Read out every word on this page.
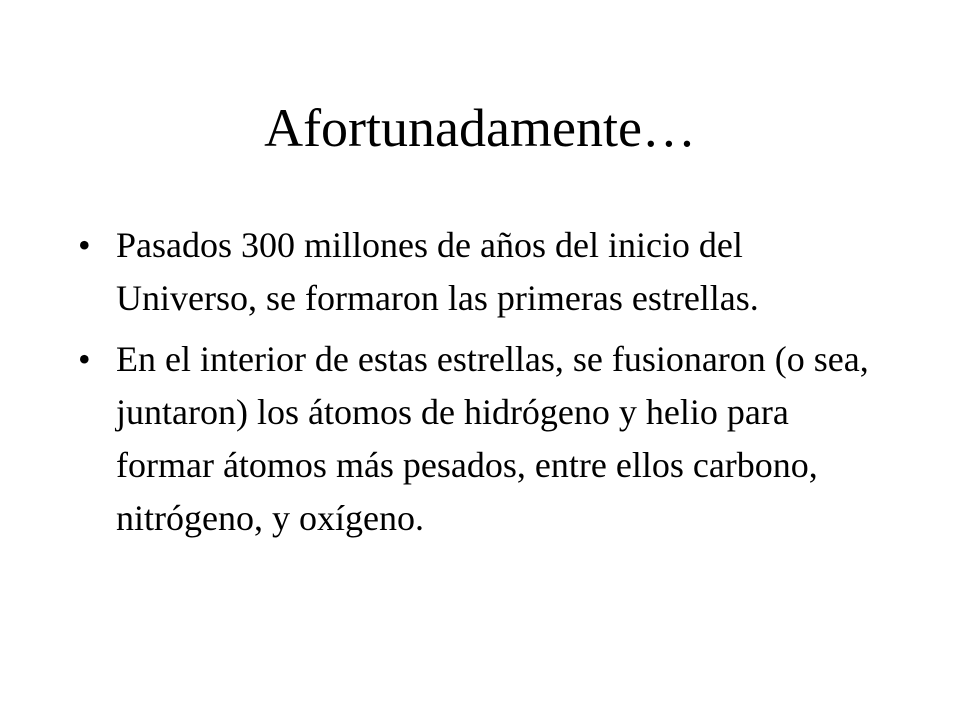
Afortunadamente…
• Pasados 300 millones de años del inicio del Universo, se formaron las primeras estrellas.
• En el interior de estas estrellas, se fusionaron (o sea, juntaron) los átomos de hidrógeno y helio para formar átomos más pesados, entre ellos carbono, nitrógeno, y oxígeno.
